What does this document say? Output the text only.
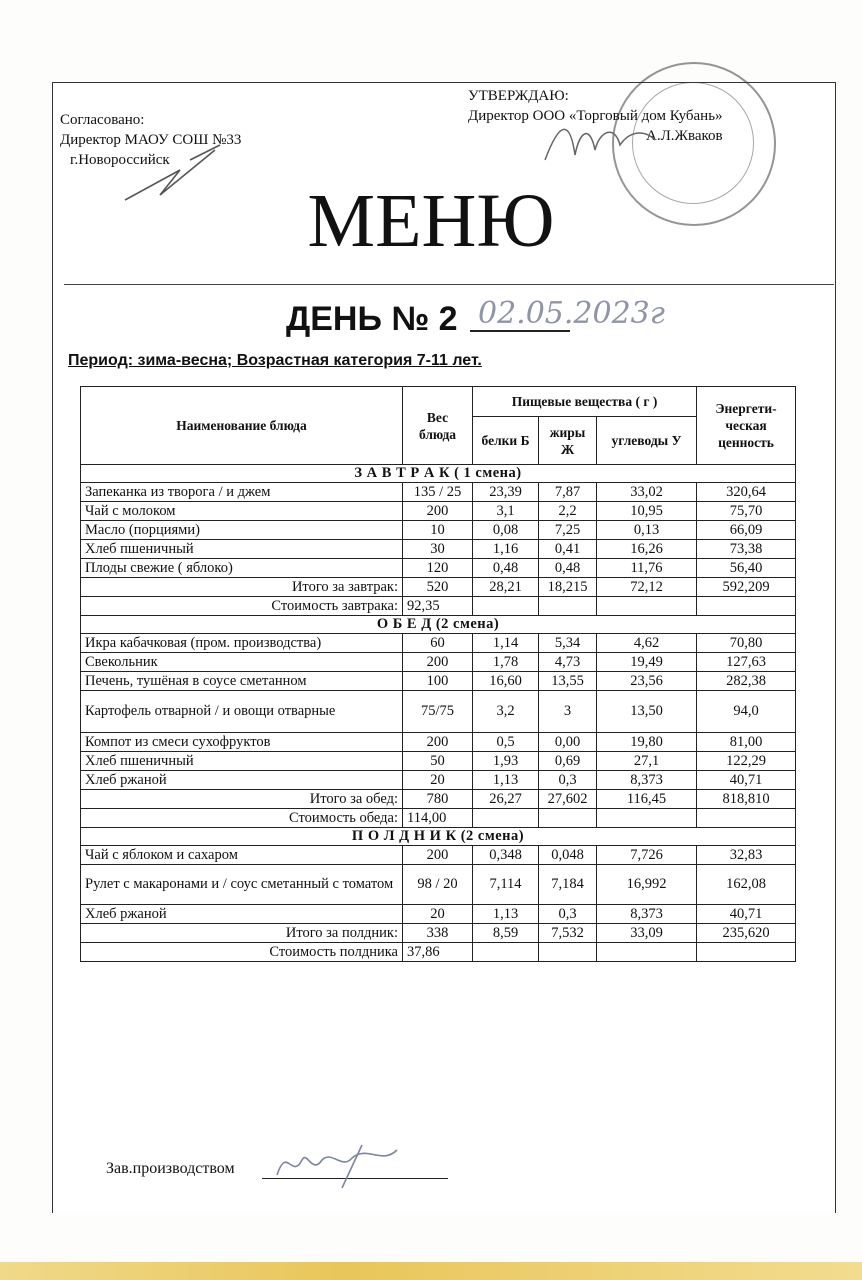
Согласовано:
Директор МАОУ СОШ №33
г.Новороссийск
УТВЕРЖДАЮ:
Директор ООО «Торговый дом Кубань»
А.Л.Жваков
МЕНЮ
ДЕНЬ № 2 02.05.2023г
Период: зима-весна; Возрастная категория 7-11 лет.
Наименование блюда	Вес блюда	Пищевые вещества ( г )			Энергети-ческая ценность
		белки Б	жиры Ж	углеводы У	
З А В Т Р А К ( 1 смена)					
Запеканка из творога / и джем	135 / 25	23,39	7,87	33,02	320,64
Чай с молоком	200	3,1	2,2	10,95	75,70
Масло (порциями)	10	0,08	7,25	0,13	66,09
Хлеб пшеничный	30	1,16	0,41	16,26	73,38
Плоды свежие ( яблоко)	120	0,48	0,48	11,76	56,40
Итого за завтрак:	520	28,21	18,215	72,12	592,209
Стоимость завтрака:	92,35				
О Б Е Д (2 смена)					
Икра кабачковая (пром. производства)	60	1,14	5,34	4,62	70,80
Свекольник	200	1,78	4,73	19,49	127,63
Печень, тушёная в соусе сметанном	100	16,60	13,55	23,56	282,38
Картофель отварной / и овощи отварные	75/75	3,2	3	13,50	94,0
Компот из смеси сухофруктов	200	0,5	0,00	19,80	81,00
Хлеб пшеничный	50	1,93	0,69	27,1	122,29
Хлеб ржаной	20	1,13	0,3	8,373	40,71
Итого за обед:	780	26,27	27,602	116,45	818,810
Стоимость обеда:	114,00				
П О Л Д Н И К (2 смена)					
Чай с яблоком и сахаром	200	0,348	0,048	7,726	32,83
Рулет с макаронами и / соус сметанный с томатом	98 / 20	7,114	7,184	16,992	162,08
Хлеб ржаной	20	1,13	0,3	8,373	40,71
Итого за полдник:	338	8,59	7,532	33,09	235,620
Стоимость полдника	37,86				
Зав.производством
